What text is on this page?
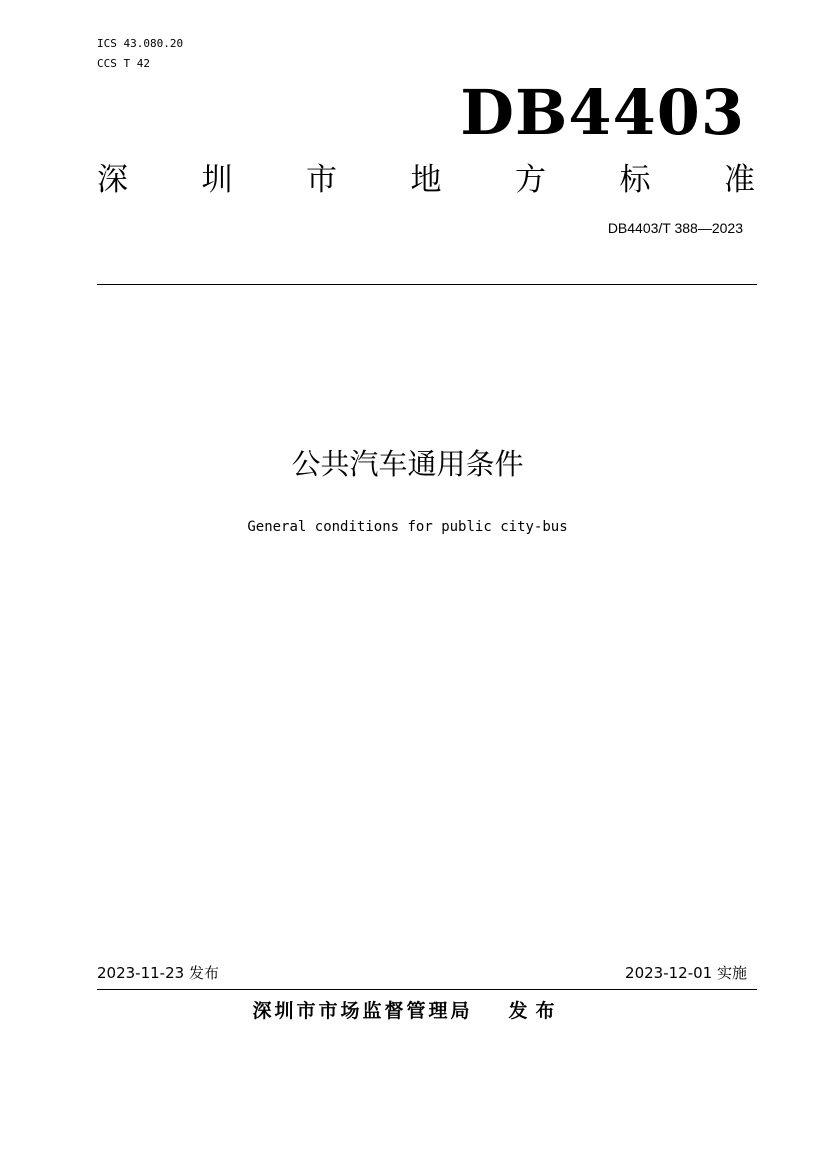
ICS 43.080.20
CCS T 42
DB4403
深 圳 市 地 方 标 准
DB4403/T 388—2023
公共汽车通用条件
General conditions for public city-bus
2023-11-23 发布	2023-12-01 实施
深圳市市场监督管理局 发布
